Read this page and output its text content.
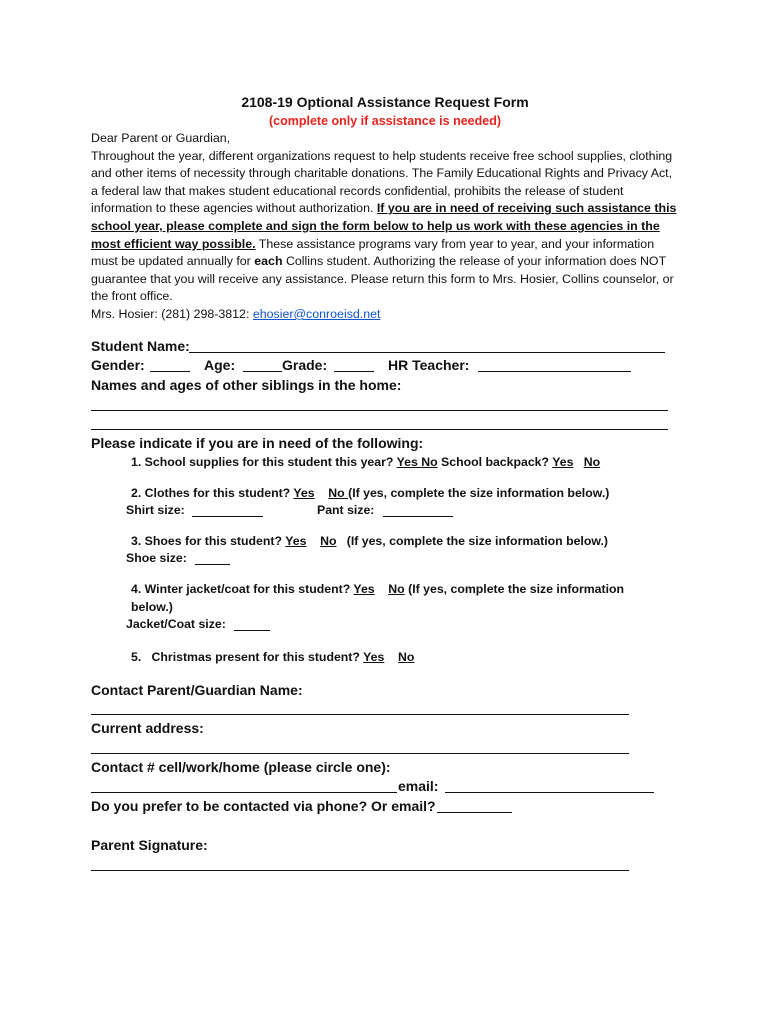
2108-19 Optional Assistance Request Form
(complete only if assistance is needed)

Dear Parent or Guardian,

Throughout the year, different organizations request to help students receive free school supplies, clothing and other items of necessity through charitable donations. The Family Educational Rights and Privacy Act, a federal law that makes student educational records confidential, prohibits the release of student information to these agencies without authorization. If you are in need of receiving such assistance this school year, please complete and sign the form below to help us work with these agencies in the most efficient way possible. These assistance programs vary from year to year, and your information must be updated annually for each Collins student. Authorizing the release of your information does NOT guarantee that you will receive any assistance. Please return this form to Mrs. Hosier, Collins counselor, or the front office.

Mrs. Hosier: (281) 298-3812: ehosier@conroeisd.net

Student Name:
Gender:	Age:	Grade:	HR Teacher:
Names and ages of other siblings in the home:
Please indicate if you are in need of the following:
1. School supplies for this student this year? Yes No School backpack? Yes No
2. Clothes for this student? Yes No (If yes, complete the size information below.)
Shirt size:	Pant size:
3. Shoes for this student? Yes No (If yes, complete the size information below.)
Shoe size:
4. Winter jacket/coat for this student? Yes No (If yes, complete the size information
below.)
Jacket/Coat size:
5. Christmas present for this student? Yes No
Contact Parent/Guardian Name:
Current address:
Contact # cell/work/home (please circle one):
email:
Do you prefer to be contacted via phone? Or email?
Parent Signature:
